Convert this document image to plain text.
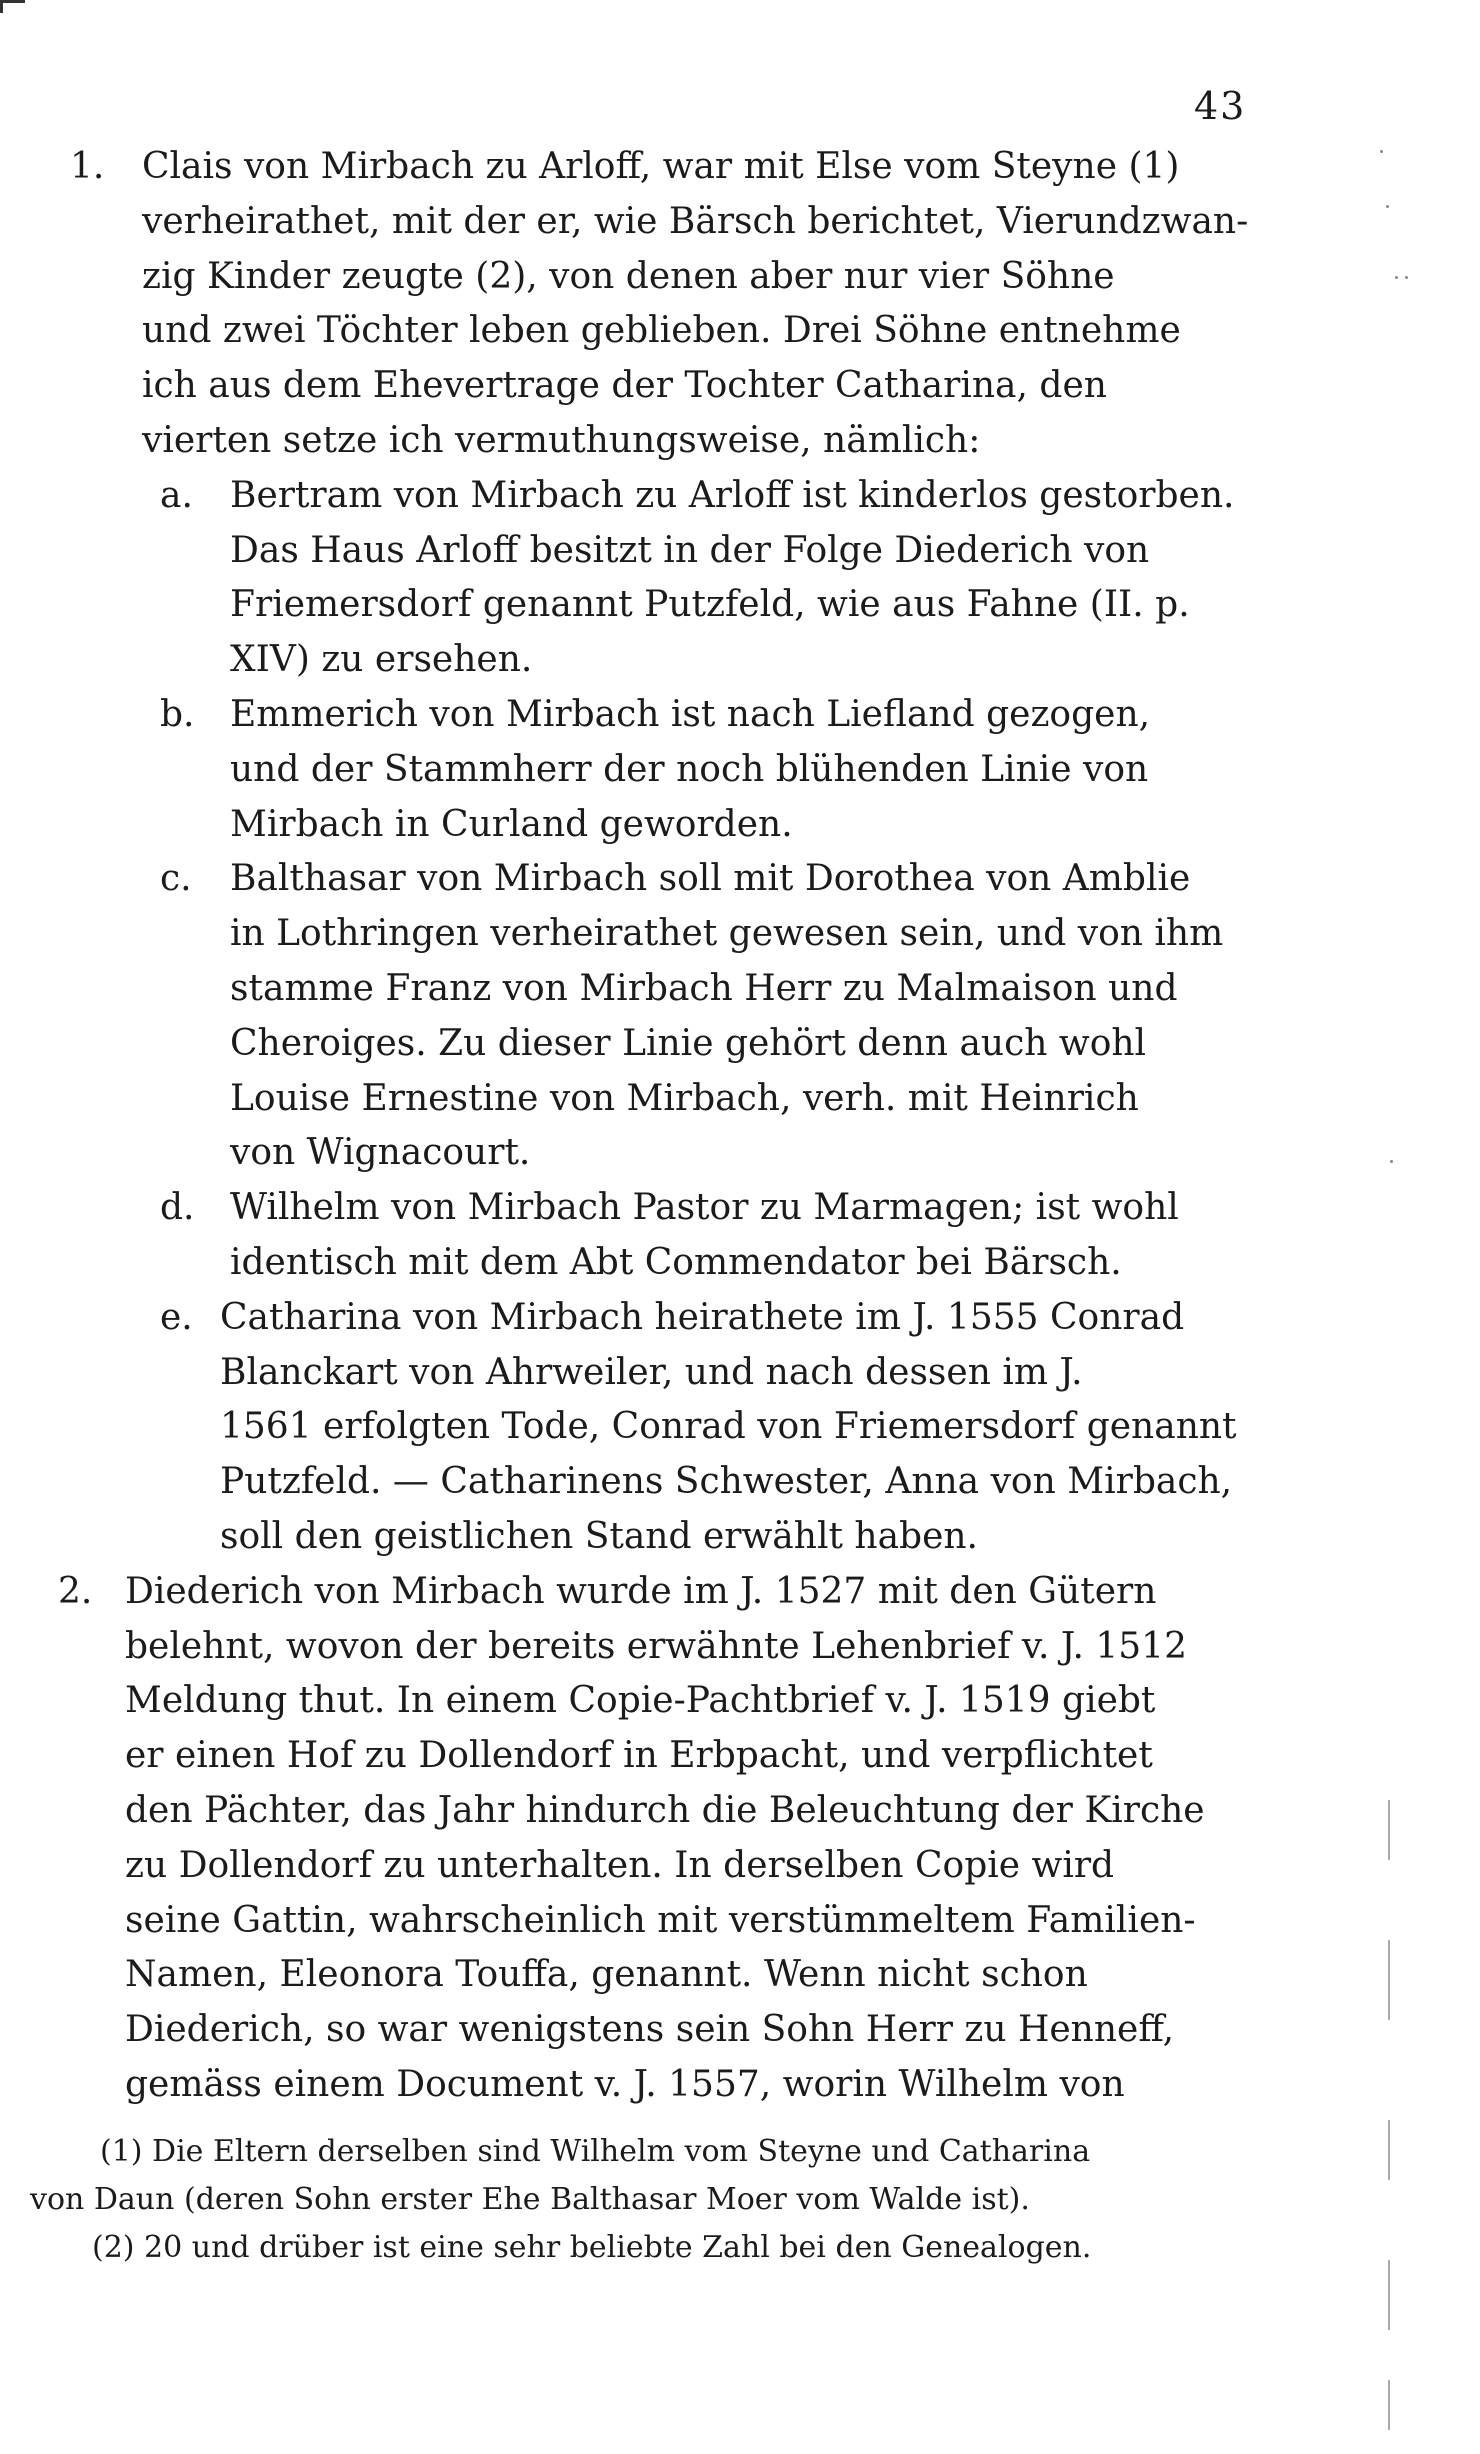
43
1. Clais von Mirbach zu Arloff, war mit Else vom Steyne (1)
verheirathet, mit der er, wie Bärsch berichtet, Vierundzwan-
zig Kinder zeugte (2), von denen aber nur vier Söhne
und zwei Töchter leben geblieben. Drei Söhne entnehme
ich aus dem Ehevertrage der Tochter Catharina, den
vierten setze ich vermuthungsweise, nämlich:
a. Bertram von Mirbach zu Arloff ist kinderlos gestorben.
Das Haus Arloff besitzt in der Folge Diederich von
Friemersdorf genannt Putzfeld, wie aus Fahne (II. p.
XIV) zu ersehen.
b. Emmerich von Mirbach ist nach Liefland gezogen,
und der Stammherr der noch blühenden Linie von
Mirbach in Curland geworden.
c. Balthasar von Mirbach soll mit Dorothea von Amblie
in Lothringen verheirathet gewesen sein, und von ihm
stamme Franz von Mirbach Herr zu Malmaison und
Cheroiges. Zu dieser Linie gehört denn auch wohl
Louise Ernestine von Mirbach, verh. mit Heinrich
von Wignacourt.
d. Wilhelm von Mirbach Pastor zu Marmagen; ist wohl
identisch mit dem Abt Commendator bei Bärsch.
e. Catharina von Mirbach heirathete im J. 1555 Conrad
Blanckart von Ahrweiler, und nach dessen im J.
1561 erfolgten Tode, Conrad von Friemersdorf genannt
Putzfeld. — Catharinens Schwester, Anna von Mirbach,
soll den geistlichen Stand erwählt haben.
2. Diederich von Mirbach wurde im J. 1527 mit den Gütern
belehnt, wovon der bereits erwähnte Lehenbrief v. J. 1512
Meldung thut. In einem Copie-Pachtbrief v. J. 1519 giebt
er einen Hof zu Dollendorf in Erbpacht, und verpflichtet
den Pächter, das Jahr hindurch die Beleuchtung der Kirche
zu Dollendorf zu unterhalten. In derselben Copie wird
seine Gattin, wahrscheinlich mit verstümmeltem Familien-
Namen, Eleonora Touffa, genannt. Wenn nicht schon
Diederich, so war wenigstens sein Sohn Herr zu Henneff,
gemäss einem Document v. J. 1557, worin Wilhelm von
(1) Die Eltern derselben sind Wilhelm vom Steyne und Catharina
von Daun (deren Sohn erster Ehe Balthasar Moer vom Walde ist).
(2) 20 und drüber ist eine sehr beliebte Zahl bei den Genealogen.
